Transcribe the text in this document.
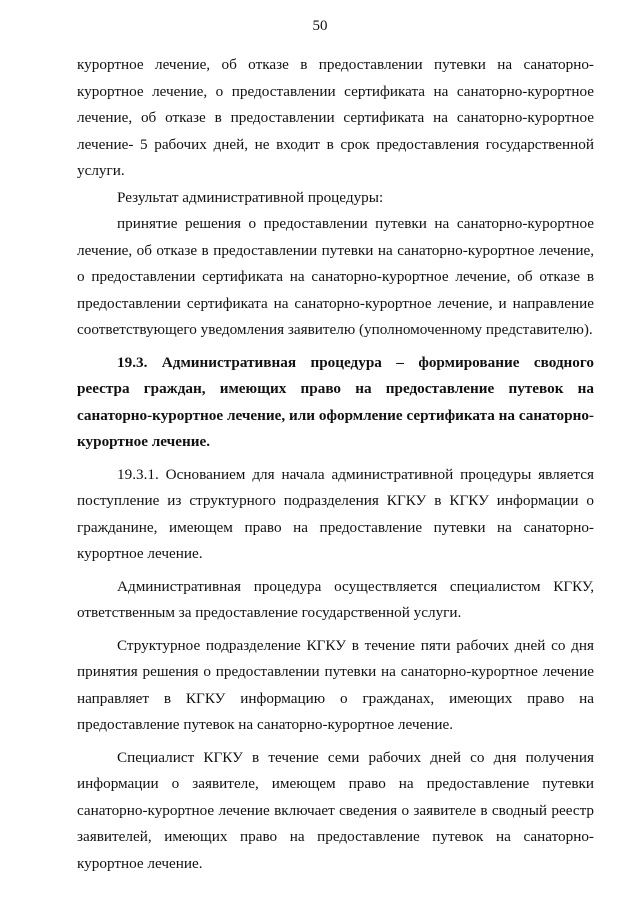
50

курортное лечение, об отказе в предоставлении путевки на санаторно-курортное лечение, о предоставлении сертификата на санаторно-курортное лечение, об отказе в предоставлении сертификата на санаторно-курортное лечение- 5 рабочих дней, не входит в срок предоставления государственной услуги.

Результат административной процедуры:

принятие решения о предоставлении путевки на санаторно-курортное лечение, об отказе в предоставлении путевки на санаторно-курортное лечение, о предоставлении сертификата на санаторно-курортное лечение, об отказе в предоставлении сертификата на санаторно-курортное лечение, и направление соответствующего уведомления заявителю (уполномоченному представителю).

19.3. Административная процедура – формирование сводного реестра граждан, имеющих право на предоставление путевок на санаторно-курортное лечение, или оформление сертификата на санаторно-курортное лечение.

19.3.1. Основанием для начала административной процедуры является поступление из структурного подразделения КГКУ в КГКУ информации о гражданине, имеющем право на предоставление путевки на санаторно-курортное лечение.

Административная процедура осуществляется специалистом КГКУ, ответственным за предоставление государственной услуги.

Структурное подразделение КГКУ в течение пяти рабочих дней со дня принятия решения о предоставлении путевки на санаторно-курортное лечение направляет в КГКУ информацию о гражданах, имеющих право на предоставление путевок на санаторно-курортное лечение.

Специалист КГКУ в течение семи рабочих дней со дня получения информации о заявителе, имеющем право на предоставление путевки санаторно-курортное лечение включает сведения о заявителе в сводный реестр заявителей, имеющих право на предоставление путевок на санаторно-курортное лечение.
